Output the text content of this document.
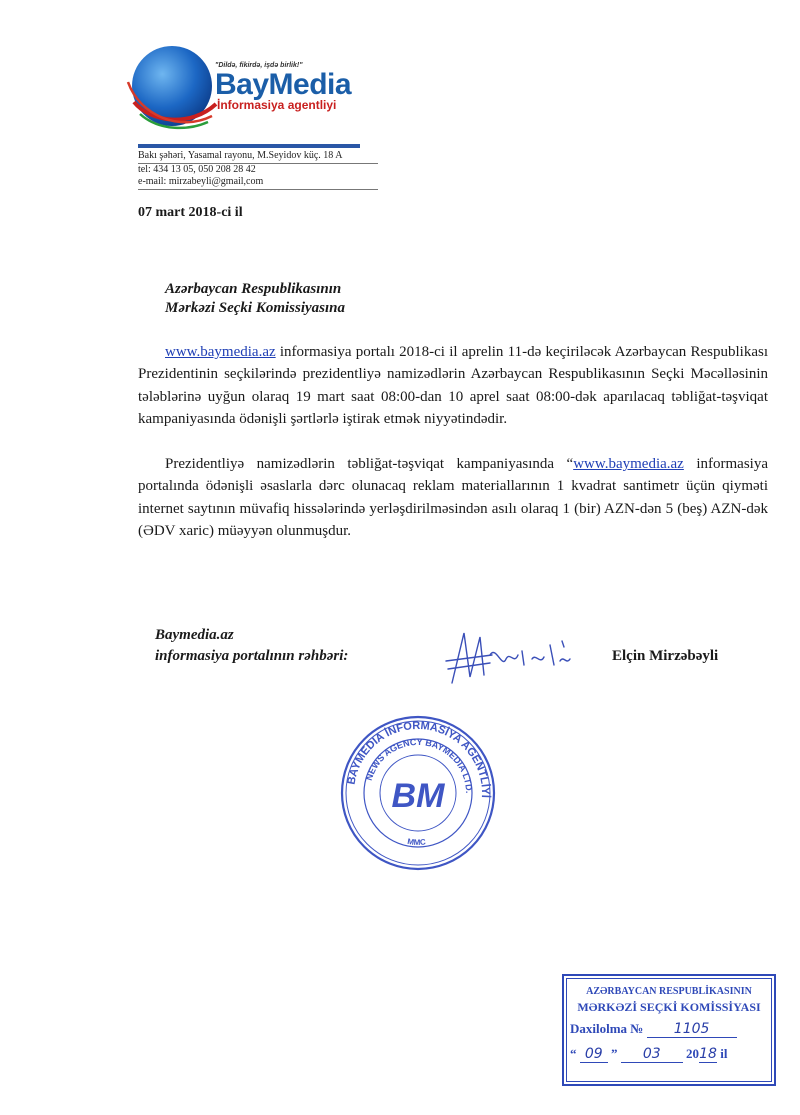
"Dildə, fikirdə, işdə birlik!"
BayMedia
İnformasiya agentliyi
Bakı şəhəri, Yasamal rayonu, M.Seyidov küç. 18 A
tel: 434 13 05, 050 208 28 42
e-mail: mirzabeyli@gmail,com
07 mart 2018-ci il
Azərbaycan Respublikasının
Mərkəzi Seçki Komissiyasına
www.baymedia.az informasiya portalı 2018-ci il aprelin 11-də keçiriləcək Azərbaycan Respublikası Prezidentinin seçkilərində prezidentliyə namizədlərin Azərbaycan Respublikasının Seçki Məcəlləsinin tələblərinə uyğun olaraq 19 mart saat 08:00-dan 10 aprel saat 08:00-dək aparılacaq təbliğat-təşviqat kampaniyasında ödənişli şərtlərlə iştirak etmək niyyətindədir.
Prezidentliyə namizədlərin təbliğat-təşviqat kampaniyasında “www.baymedia.az informasiya portalında ödənişli əsaslarla dərc olunacaq reklam materiallarının 1 kvadrat santimetr üçün qiyməti internet saytının müvafiq hissələrində yerləşdirilməsindən asılı olaraq 1 (bir) AZN-dən 5 (beş) AZN-dək (ƏDV xaric) müəyyən olunmuşdur.
Baymedia.az
informasiya portalının rəhbəri:	Elçin Mirzəbəyli
BAYMEDIA İNFORMASİYA AGENTLİYİ
NEWS AGENCY BAYMEDIA LTD.
MMC
BM
AZƏRBAYCAN RESPUBLİKASININ
MƏRKƏZİ SEÇKİ KOMİSSİYASI
Daxilolma № 1105
“ 09 ” 03 2018 il
